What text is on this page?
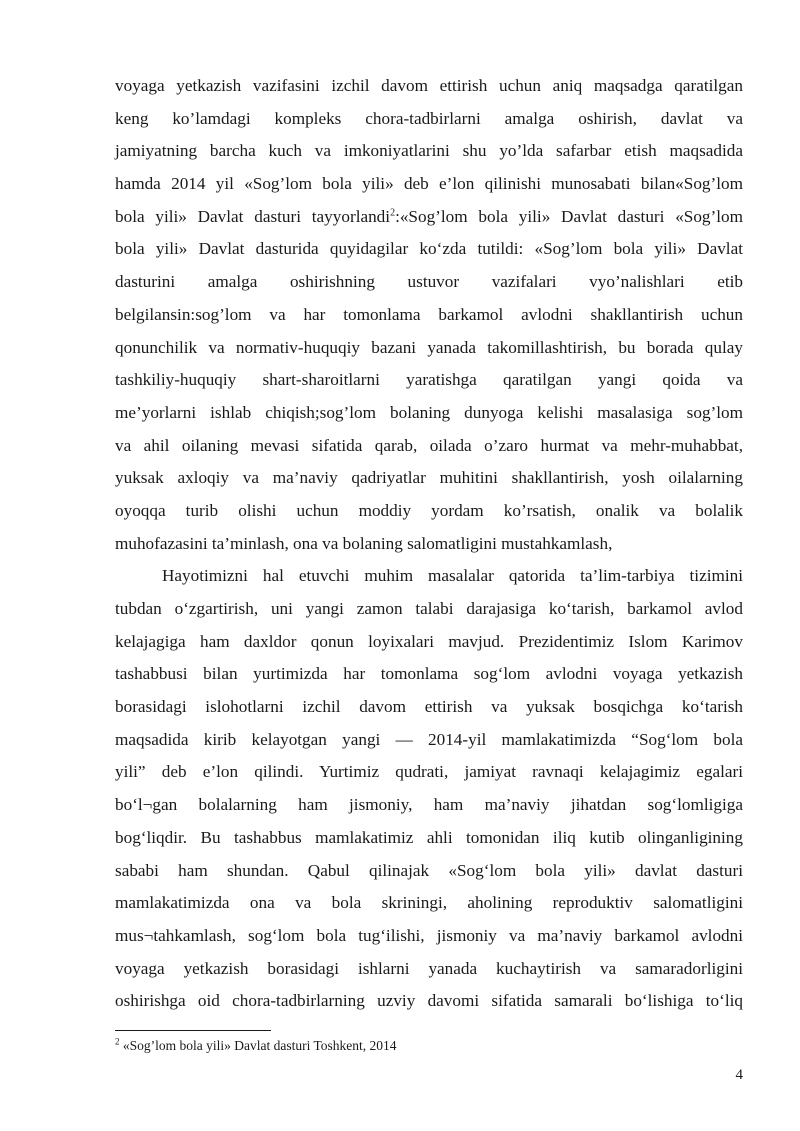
voyaga yetkazish vazifasini izchil davom ettirish uchun aniq maqsadga qaratilgan
keng ko’lamdagi kompleks chora-tadbirlarni amalga oshirish, davlat va
jamiyatning barcha kuch va imkoniyatlarini shu yo’lda safarbar etish maqsadida
hamda 2014 yil «Sog’lom bola yili» deb e’lon qilinishi munosabati bilan«Sog’lom
bola yili» Davlat dasturi tayyorlandi$^2$:«Sog’lom bola yili» Davlat dasturi «Sog’lom
bola yili» Davlat dasturida quyidagilar ko‘zda tutildi: «Sog’lom bola yili» Davlat
dasturini amalga oshirishning ustuvor vazifalari vyo’nalishlari etib
belgilansin:sog’lom va har tomonlama barkamol avlodni shakllantirish uchun
qonunchilik va normativ-huquqiy bazani yanada takomillashtirish, bu borada qulay
tashkiliy-huquqiy shart-sharoitlarni yaratishga qaratilgan yangi qoida va
me’yorlarni ishlab chiqish;sog’lom bolaning dunyoga kelishi masalasiga sog’lom
va ahil oilaning mevasi sifatida qarab, oilada o’zaro hurmat va mehr-muhabbat,
yuksak axloqiy va ma’naviy qadriyatlar muhitini shakllantirish, yosh oilalarning
oyoqqa turib olishi uchun moddiy yordam ko’rsatish, onalik va bolalik
muhofazasini ta’minlash, ona va bolaning salomatligini mustahkamlash,
Hayotimizni hal etuvchi muhim masalalar qatorida ta’lim-tarbiya tizimini
tubdan o‘zgartirish, uni yangi zamon talabi darajasiga ko‘tarish, barkamol avlod
kelajagiga ham daxldor qonun loyixalari mavjud. Prezidentimiz Islom Karimov
tashabbusi bilan yurtimizda har tomonlama sog‘lom avlodni voyaga yetkazish
borasidagi islohotlarni izchil davom ettirish va yuksak bosqichga ko‘tarish
maqsadida kirib kelayotgan yangi — 2014-yil mamlakatimizda “Sog‘lom bola
yili” deb e’lon qilindi. Yurtimiz qudrati, jamiyat ravnaqi kelajagimiz egalari
bo‘l¬gan bolalarning ham jismoniy, ham ma’naviy jihatdan sog‘lomligiga
bog‘liqdir. Bu tashabbus mamlakatimiz ahli tomonidan iliq kutib olinganligining
sababi ham shundan. Qabul qilinajak «Sog‘lom bola yili» davlat dasturi
mamlakatimizda ona va bola skriningi, aholining reproduktiv salomatligini
mus¬tahkamlash, sog‘lom bola tug‘ilishi, jismoniy va ma’naviy barkamol avlodni
voyaga yetkazish borasidagi ishlarni yanada kuchaytirish va samaradorligini
oshirishga oid chora-tadbirlarning uzviy davomi sifatida samarali bo‘lishiga to‘liq
$^2$ «Sog’lom bola yili» Davlat dasturi Toshkent, 2014
4
